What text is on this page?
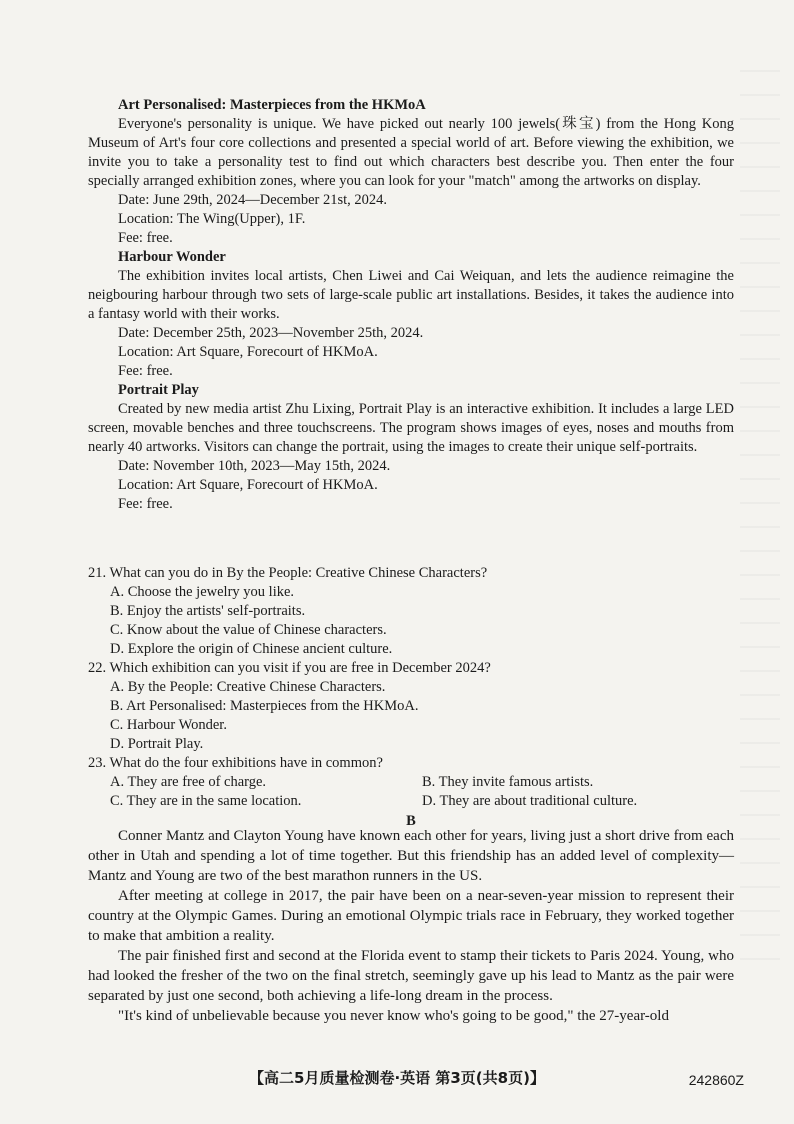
Art Personalised: Masterpieces from the HKMoA

Everyone's personality is unique. We have picked out nearly 100 jewels(珠宝) from the Hong Kong Museum of Art's four core collections and presented a special world of art. Before viewing the exhibition, we invite you to take a personality test to find out which characters best describe you. Then enter the four specially arranged exhibition zones, where you can look for your "match" among the artworks on display.

Date: June 29th, 2024—December 21st, 2024.

Location: The Wing(Upper), 1F.

Fee: free.

Harbour Wonder

The exhibition invites local artists, Chen Liwei and Cai Weiquan, and lets the audience reimagine the neigbouring harbour through two sets of large-scale public art installations. Besides, it takes the audience into a fantasy world with their works.

Date: December 25th, 2023—November 25th, 2024.

Location: Art Square, Forecourt of HKMoA.

Fee: free.

Portrait Play

Created by new media artist Zhu Lixing, Portrait Play is an interactive exhibition. It includes a large LED screen, movable benches and three touchscreens. The program shows images of eyes, noses and mouths from nearly 40 artworks. Visitors can change the portrait, using the images to create their unique self-portraits.

Date: November 10th, 2023—May 15th, 2024.

Location: Art Square, Forecourt of HKMoA.

Fee: free.

21. What can you do in By the People: Creative Chinese Characters?

A. Choose the jewelry you like.

B. Enjoy the artists' self-portraits.

C. Know about the value of Chinese characters.

D. Explore the origin of Chinese ancient culture.

22. Which exhibition can you visit if you are free in December 2024?

A. By the People: Creative Chinese Characters.

B. Art Personalised: Masterpieces from the HKMoA.

C. Harbour Wonder.

D. Portrait Play.

23. What do the four exhibitions have in common?

A. They are free of charge.	B. They invite famous artists.

C. They are in the same location.	D. They are about traditional culture.

B

Conner Mantz and Clayton Young have known each other for years, living just a short drive from each other in Utah and spending a lot of time together. But this friendship has an added level of complexity—Mantz and Young are two of the best marathon runners in the US.

After meeting at college in 2017, the pair have been on a near-seven-year mission to represent their country at the Olympic Games. During an emotional Olympic trials race in February, they worked together to make that ambition a reality.

The pair finished first and second at the Florida event to stamp their tickets to Paris 2024. Young, who had looked the fresher of the two on the final stretch, seemingly gave up his lead to Mantz as the pair were separated by just one second, both achieving a life-long dream in the process.

"It's kind of unbelievable because you never know who's going to be good," the 27-year-old

【高二5月质量检测卷·英语 第3页(共8页)】	242860Z
